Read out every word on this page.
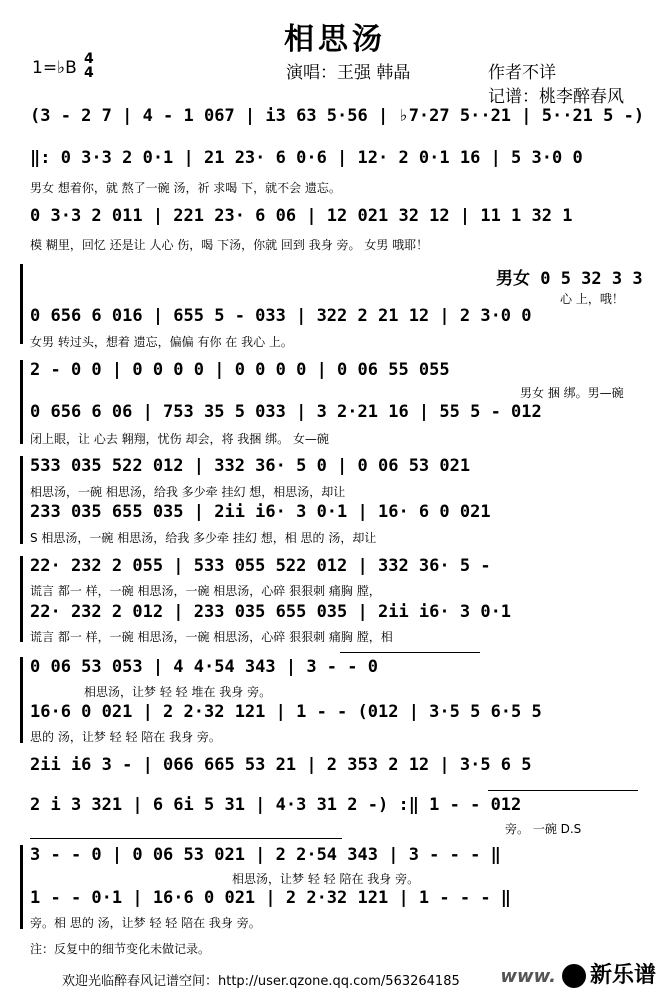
相思汤
1=♭B 4
4	演唱：王强 韩晶	作者不详
记谱：桃李醉春风
(3 - 2 7 | 4 - 1 067 | i3 63 5·56 | ♭7·27 5··21 | 5··21 5 -)
‖: 0 3·3 2 0·1 | 21 23· 6 0·6 | 12· 2 0·1 16 | 5 3·0 0
男女 想着你，就 熬了一碗 汤，祈 求喝 下，就不会 遗忘。
0 3·3 2 011 | 221 23· 6 06 | 12 021 32 12 | 11 1 32 1
模 糊里，回忆 还是让 人心 伤，喝 下汤，你就 回到 我身 旁。 女男 哦耶！
男女 0 5 32 3 3
心 上，哦！
0 656 6 016 | 655 5 - 033 | 322 2 21 12 | 2 3·0 0
女男 转过头，想着 遗忘，偏偏 有你 在 我心 上。
2 - 0 0 | 0 0 0 0 | 0 0 0 0 | 0 06 55 055
男女 捆 绑。男—碗
0 656 6 06 | 753 35 5 033 | 3 2·21 16 | 55 5 - 012
闭上眼，让 心去 翱翔，忧伤 却会，将 我捆 绑。 女—碗
533 035 522 012 | 332 36· 5 0 | 0 06 53 021
相思汤，一碗 相思汤，给我 多少牵 挂幻 想，相思汤，却让
233 035 655 035 | 2ii i6· 3 0·1 | 16· 6 0 021
S 相思汤，一碗 相思汤，给我 多少牵 挂幻 想，相 思的 汤，却让
22· 232 2 055 | 533 055 522 012 | 332 36· 5 -
谎言 都一 样，一碗 相思汤，一碗 相思汤，心碎 狠狠刺 痛胸 膛，
22· 232 2 012 | 233 035 655 035 | 2ii i6· 3 0·1
谎言 都一 样，一碗 相思汤，一碗 相思汤，心碎 狠狠刺 痛胸 膛，相
0 06 53 053 | 4 4·54 343 | 3 - - 0
相思汤，让梦 轻 轻 堆在 我身 旁。
16·6 0 021 | 2 2·32 121 | 1 - - (012 | 3·5 5 6·5 5
思的 汤，让梦 轻 轻 陪在 我身 旁。
2ii i6 3 - | 066 665 53 21 | 2 353 2 12 | 3·5 6 5
2 i 3 321 | 6 6i 5 31 | 4·3 31 2 -) :‖ 1 - - 012
旁。 一碗 D.S
3 - - 0 | 0 06 53 021 | 2 2·54 343 | 3 - - - ‖
相思汤，让梦 轻 轻 陪在 我身 旁。
1 - - 0·1 | 16·6 0 021 | 2 2·32 121 | 1 - - - ‖
旁。相 思的 汤，让梦 轻 轻 陪在 我身 旁。
注：反复中的细节变化未做记录。
欢迎光临醉春风记谱空间：http://user.qzone.qq.com/563264185 www. 新乐谱
